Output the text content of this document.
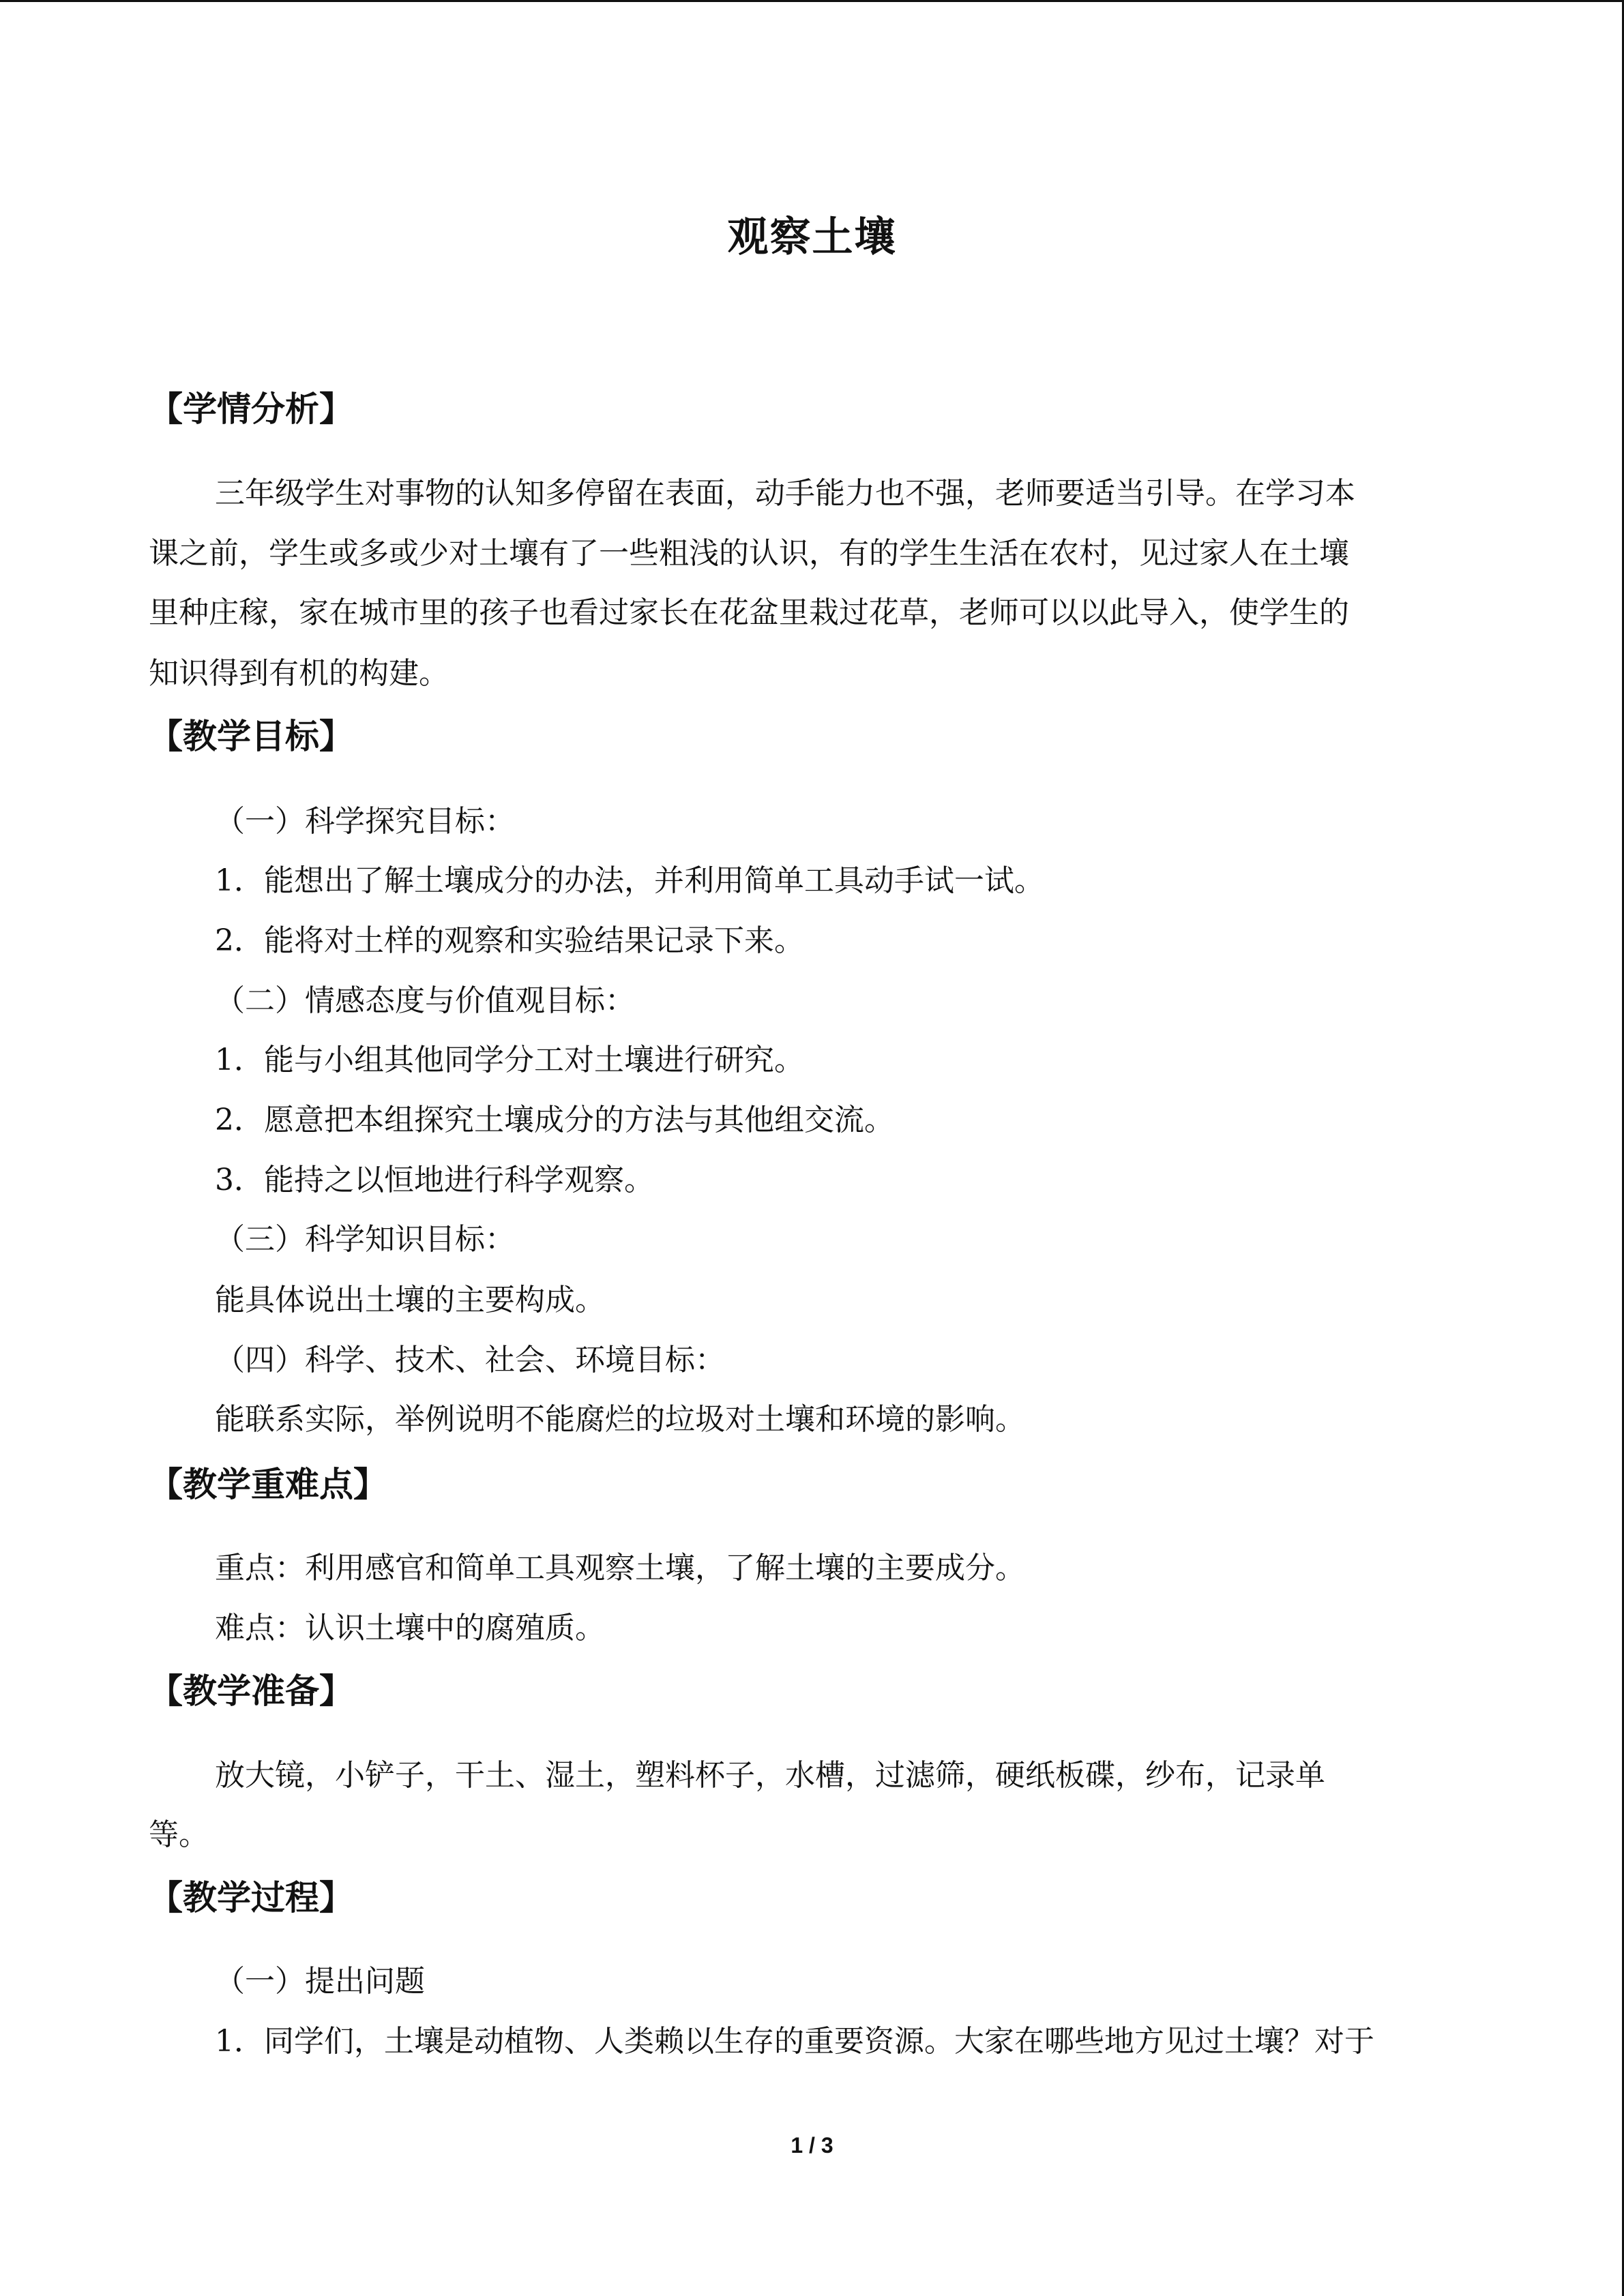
观察土壤
【学情分析】
三年级学生对事物的认知多停留在表面，动手能力也不强，老师要适当引导。在学习本
课之前，学生或多或少对土壤有了一些粗浅的认识，有的学生生活在农村，见过家人在土壤
里种庄稼，家在城市里的孩子也看过家长在花盆里栽过花草，老师可以以此导入，使学生的
知识得到有机的构建。
【教学目标】
（一）科学探究目标：
1．能想出了解土壤成分的办法，并利用简单工具动手试一试。
2．能将对土样的观察和实验结果记录下来。
（二）情感态度与价值观目标：
1．能与小组其他同学分工对土壤进行研究。
2．愿意把本组探究土壤成分的方法与其他组交流。
3．能持之以恒地进行科学观察。
（三）科学知识目标：
能具体说出土壤的主要构成。
（四）科学、技术、社会、环境目标：
能联系实际，举例说明不能腐烂的垃圾对土壤和环境的影响。
【教学重难点】
重点：利用感官和简单工具观察土壤，了解土壤的主要成分。
难点：认识土壤中的腐殖质。
【教学准备】
放大镜，小铲子，干土、湿土，塑料杯子，水槽，过滤筛，硬纸板碟，纱布，记录单
等。
【教学过程】
（一）提出问题
1．同学们，土壤是动植物、人类赖以生存的重要资源。大家在哪些地方见过土壤？对于
1 / 3
